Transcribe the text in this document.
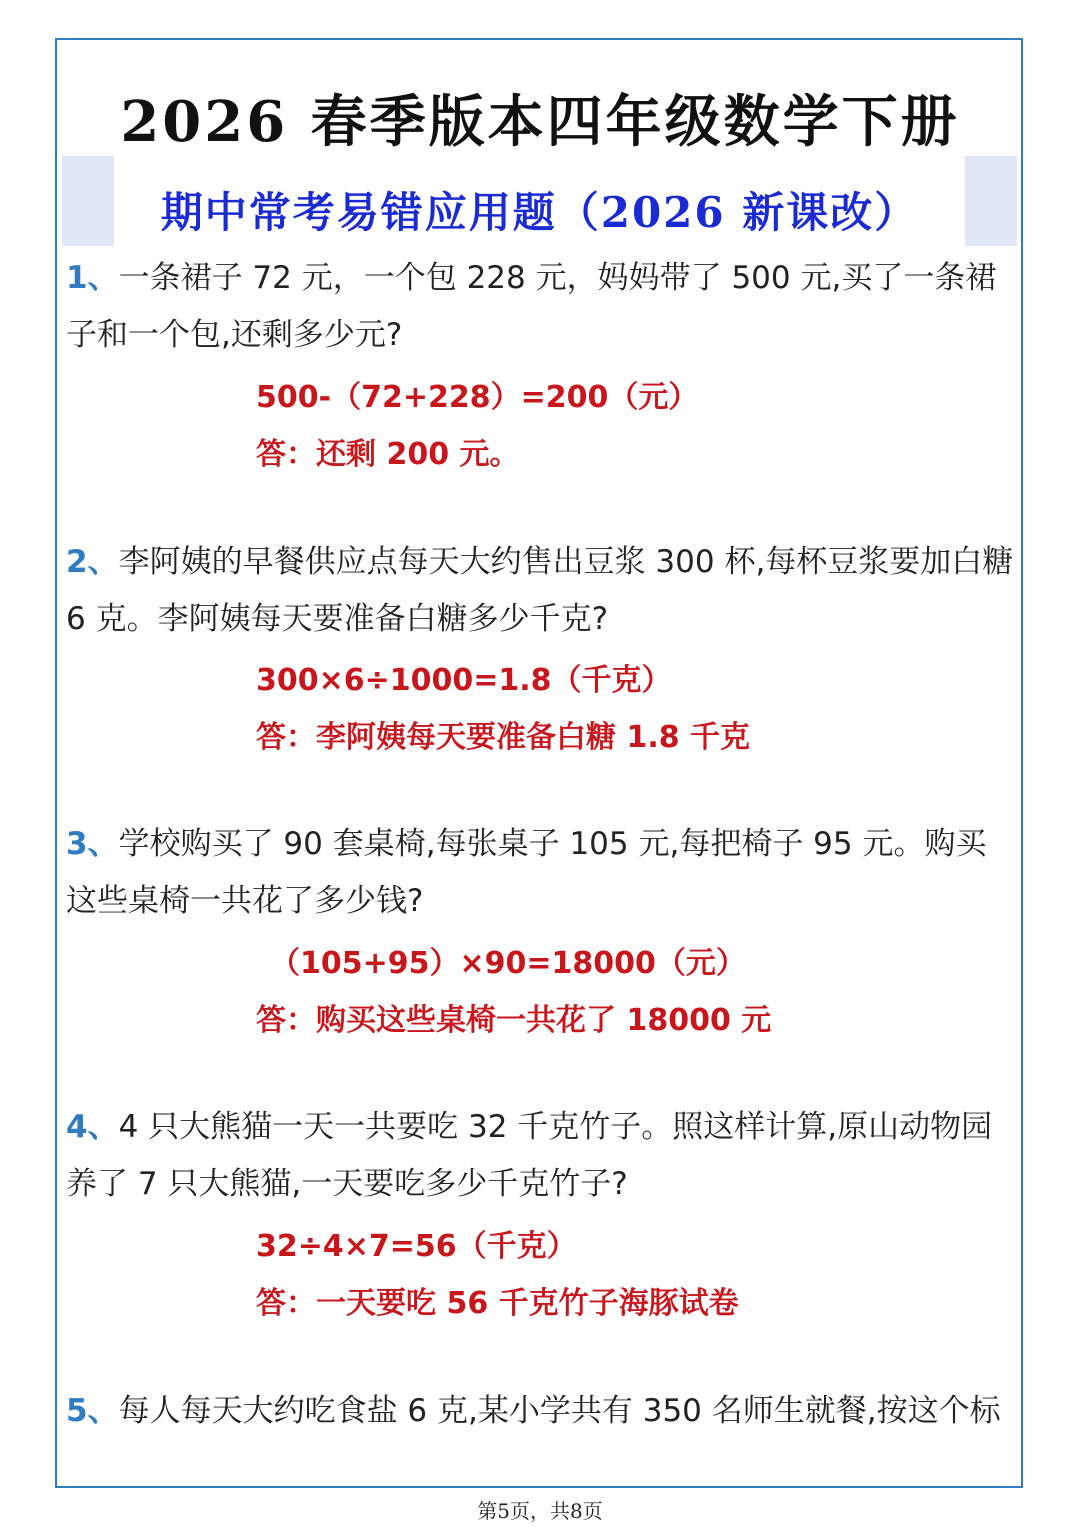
2026 春季版本四年级数学下册
期中常考易错应用题（2026 新课改）
1、一条裙子 72 元，一个包 228 元，妈妈带了 500 元,买了一条裙子和一个包,还剩多少元?
500-（72+228）=200（元）
答：还剩 200 元。
2、李阿姨的早餐供应点每天大约售出豆浆 300 杯,每杯豆浆要加白糖 6 克。李阿姨每天要准备白糖多少千克?
300×6÷1000=1.8（千克）
答：李阿姨每天要准备白糖 1.8 千克
3、学校购买了 90 套桌椅,每张桌子 105 元,每把椅子 95 元。购买这些桌椅一共花了多少钱?
（105+95）×90=18000（元）
答：购买这些桌椅一共花了 18000 元
4、4 只大熊猫一天一共要吃 32 千克竹子。照这样计算,原山动物园养了 7 只大熊猫,一天要吃多少千克竹子?
32÷4×7=56（千克）
答：一天要吃 56 千克竹子海豚试卷
5、每人每天大约吃食盐 6 克,某小学共有 350 名师生就餐,按这个标
第5页，共8页
